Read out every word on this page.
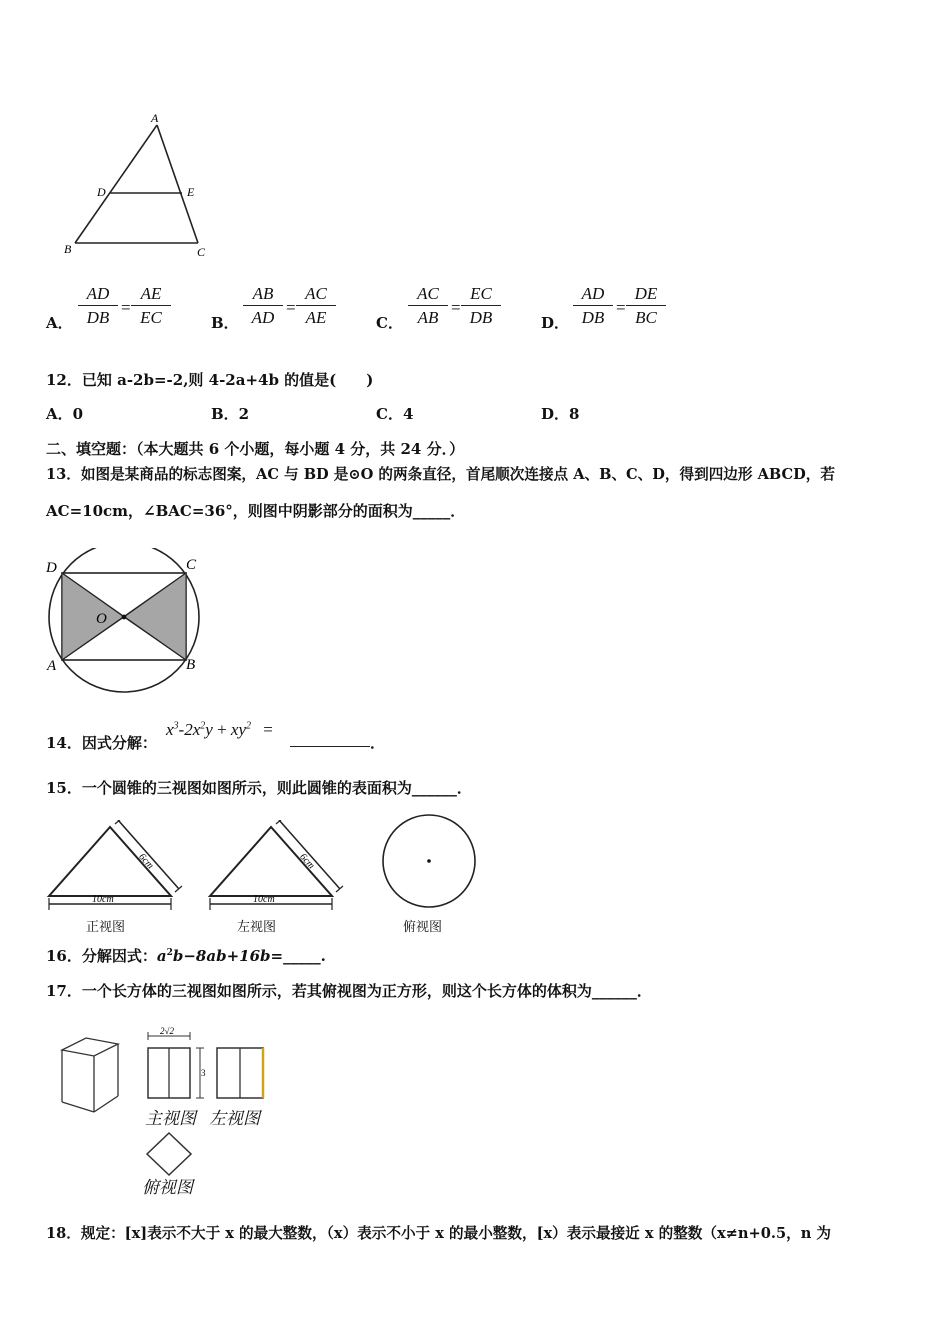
A
D	E
B	C
A． $\frac{AD}{DB} = \frac{AE}{EC}$	B． $\frac{AB}{AD} = \frac{AC}{AE}$	C． $\frac{AC}{AB} = \frac{EC}{DB}$	D． $\frac{AD}{DB} = \frac{DE}{BC}$
12．已知 a-2b=-2,则 4-2a+4b 的值是(　　)
A．0	B．2	C．4	D．8
二、填空题：（本大题共 6 个小题，每小题 4 分，共 24 分．）
13．如图是某商品的标志图案，AC 与 BD 是⊙O 的两条直径，首尾顺次连接点 A、B、C、D，得到四边形 ABCD，若
AC=10cm，∠BAC=36°，则图中阴影部分的面积为_____．
D	C
O
A	B
14．因式分解：
$x^3-2x^2y + xy^2$ =
．
15．一个圆锥的三视图如图所示，则此圆锥的表面积为______．
6cm
10cm
正视图
6cm
10cm
左视图	俯视图
16．分解因式：$a^2b-8ab+16b=\_\_\_\_\_$.
17．一个长方体的三视图如图所示，若其俯视图为正方形，则这个长方体的体积为______．
2√2
3
主视图 左视图
俯视图
18．规定：[x]表示不大于 x 的最大整数，（x）表示不小于 x 的最小整数，[x）表示最接近 x 的整数（x≠n+0.5，n 为
